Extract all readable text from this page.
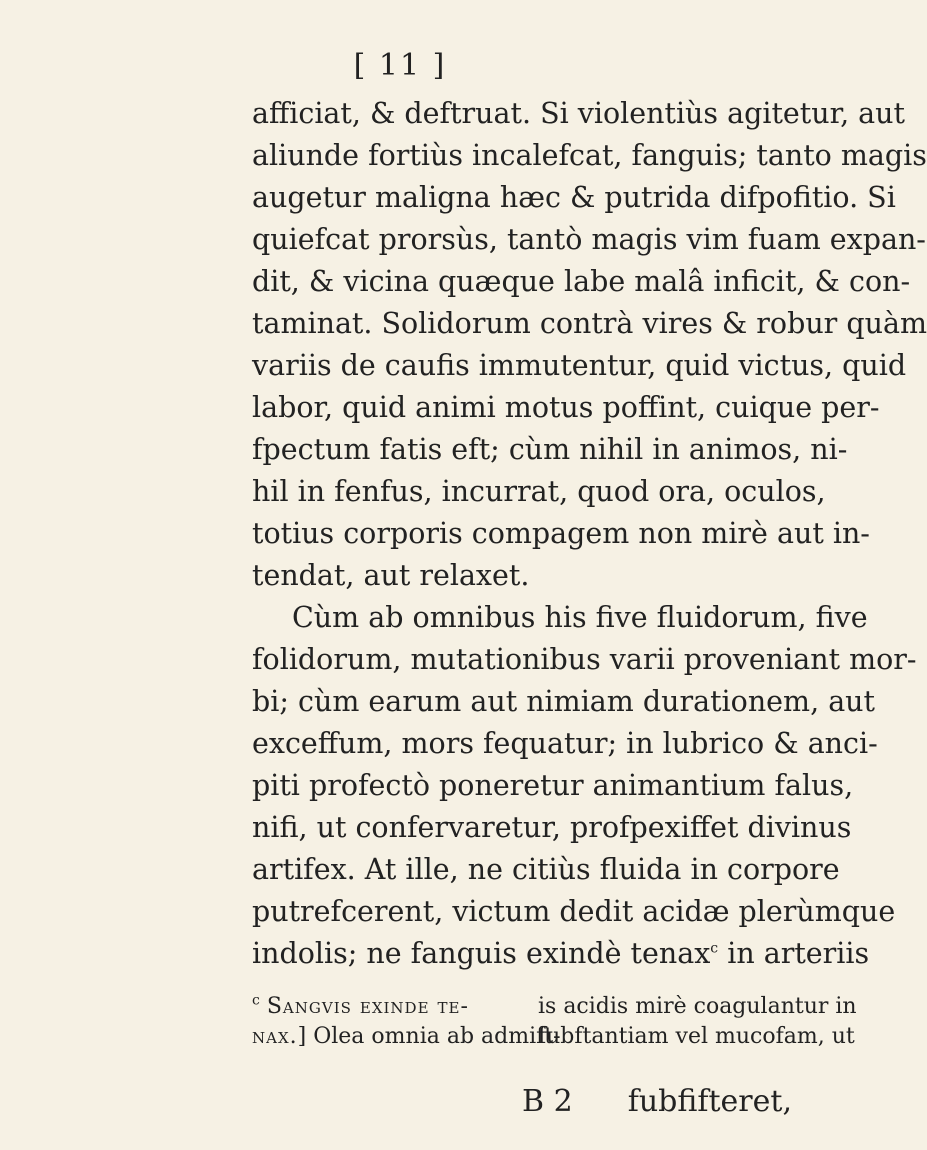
[ 11 ]
afficiat, & deftruat. Si violentiùs agitetur, aut
aliunde fortiùs incalefcat, fanguis; tanto magis
augetur maligna hæc & putrida difpofitio. Si
quiefcat prorsùs, tantò magis vim fuam expan-
dit, & vicina quæque labe malâ inficit, & con-
taminat. Solidorum contrà vires & robur quàm
variis de caufis immutentur, quid victus, quid
labor, quid animi motus poffint, cuique per-
fpectum fatis eft; cùm nihil in animos, ni-
hil in fenfus, incurrat, quod ora, oculos,
totius corporis compagem non mirè aut in-
tendat, aut relaxet.
Cùm ab omnibus his five fluidorum, five
folidorum, mutationibus varii proveniant mor-
bi; cùm earum aut nimiam durationem, aut
exceffum, mors fequatur; in lubrico & anci-
piti profectò poneretur animantium falus,
nifi, ut confervaretur, profpexiffet divinus
artifex. At ille, ne citiùs fluida in corpore
putrefcerent, victum dedit acidæ plerùmque
indolis; ne fanguis exindè tenax$^c$ in arteriis
$^c$ Sangvis exinde te-
nax.] Olea omnia ab admift-
is acidis mirè coagulantur in
fubftantiam vel mucofam, ut
B 2	fubfifteret,
